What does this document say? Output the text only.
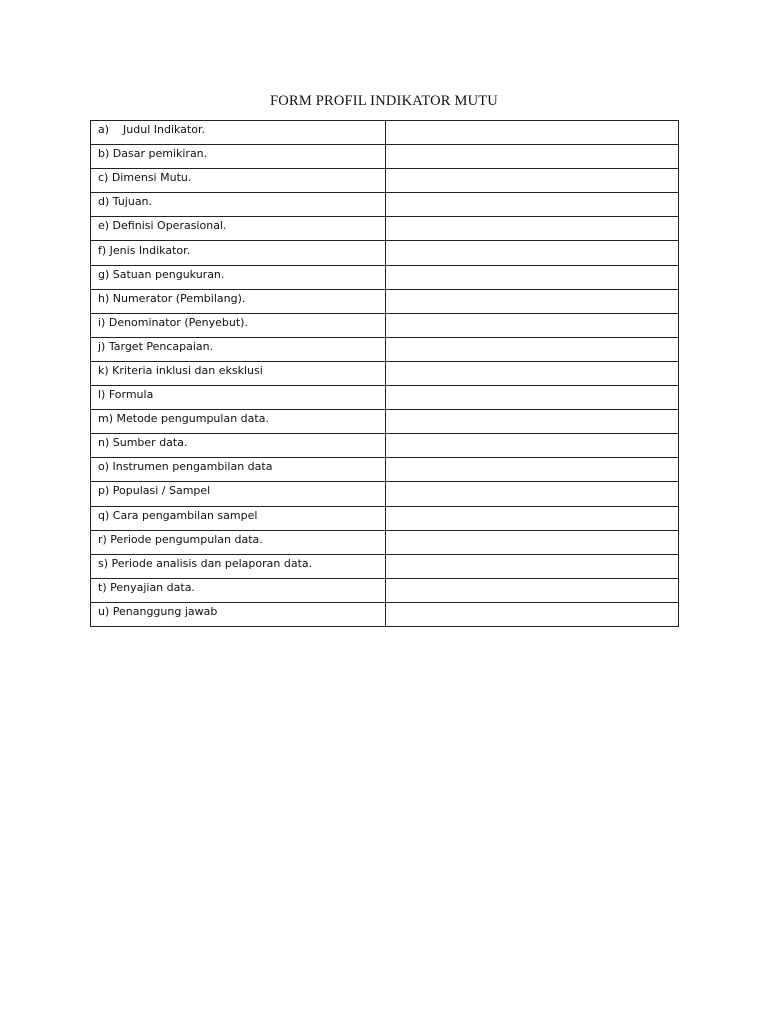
FORM PROFIL INDIKATOR MUTU
a)    Judul Indikator.	
b) Dasar pemikiran.	
c) Dimensi Mutu.	
d) Tujuan.	
e) Definisi Operasional.	
f) Jenis Indikator.	
g) Satuan pengukuran.	
h) Numerator (Pembilang).	
i) Denominator (Penyebut).	
j) Target Pencapaian.	
k) Kriteria inklusi dan eksklusi	
l) Formula	
m) Metode pengumpulan data.	
n) Sumber data.	
o) Instrumen pengambilan data	
p) Populasi / Sampel	
q) Cara pengambilan sampel	
r) Periode pengumpulan data.	
s) Periode analisis dan pelaporan data.	
t) Penyajian data.	
u) Penanggung jawab	
